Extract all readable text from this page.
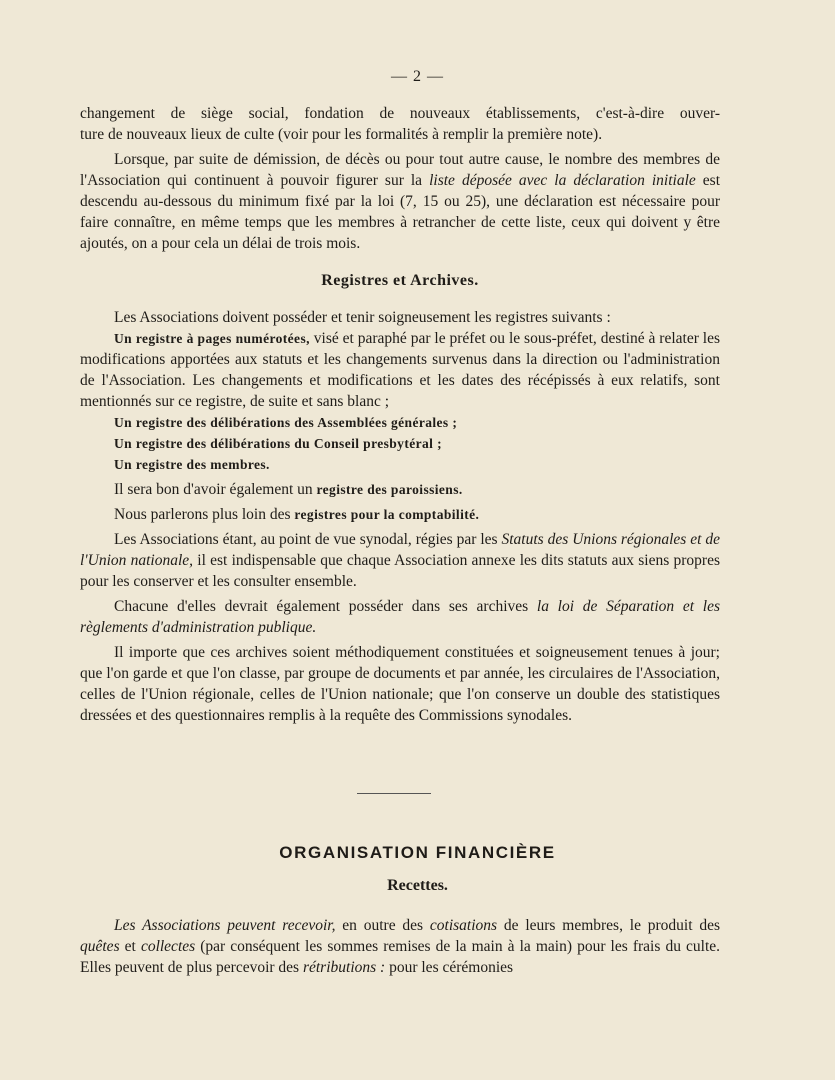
— 2 —

changement de siège social, fondation de nouveaux établissements, c'est-à-dire ouver-

ture de nouveaux lieux de culte (voir pour les formalités à remplir la première note).

Lorsque, par suite de démission, de décès ou pour tout autre cause, le nombre des membres de l'Association qui continuent à pouvoir figurer sur la liste déposée avec la déclaration initiale est descendu au-dessous du minimum fixé par la loi (7, 15 ou 25), une déclaration est nécessaire pour faire connaître, en même temps que les membres à retrancher de cette liste, ceux qui doivent y être ajoutés, on a pour cela un délai de trois mois.

Registres et Archives.

Les Associations doivent posséder et tenir soigneusement les registres suivants :

Un registre à pages numérotées, visé et paraphé par le préfet ou le sous-préfet, destiné à relater les modifications apportées aux statuts et les changements survenus dans la direction ou l'administration de l'Association. Les changements et modifications et les dates des récépissés à eux relatifs, sont mentionnés sur ce registre, de suite et sans blanc ;

Un registre des délibérations des Assemblées générales ;

Un registre des délibérations du Conseil presbytéral ;

Un registre des membres.

Il sera bon d'avoir également un registre des paroissiens.

Nous parlerons plus loin des registres pour la comptabilité.

Les Associations étant, au point de vue synodal, régies par les Statuts des Unions régionales et de l'Union nationale, il est indispensable que chaque Association annexe les dits statuts aux siens propres pour les conserver et les consulter ensemble.

Chacune d'elles devrait également posséder dans ses archives la loi de Séparation et les règlements d'administration publique.

Il importe que ces archives soient méthodiquement constituées et soigneusement tenues à jour; que l'on garde et que l'on classe, par groupe de documents et par année, les circulaires de l'Association, celles de l'Union régionale, celles de l'Union nationale; que l'on conserve un double des statistiques dressées et des questionnaires remplis à la requête des Commissions synodales.

ORGANISATION FINANCIÈRE
Recettes.

Les Associations peuvent recevoir, en outre des cotisations de leurs membres, le produit des quêtes et collectes (par conséquent les sommes remises de la main à la main) pour les frais du culte. Elles peuvent de plus percevoir des rétributions : pour les cérémonies
